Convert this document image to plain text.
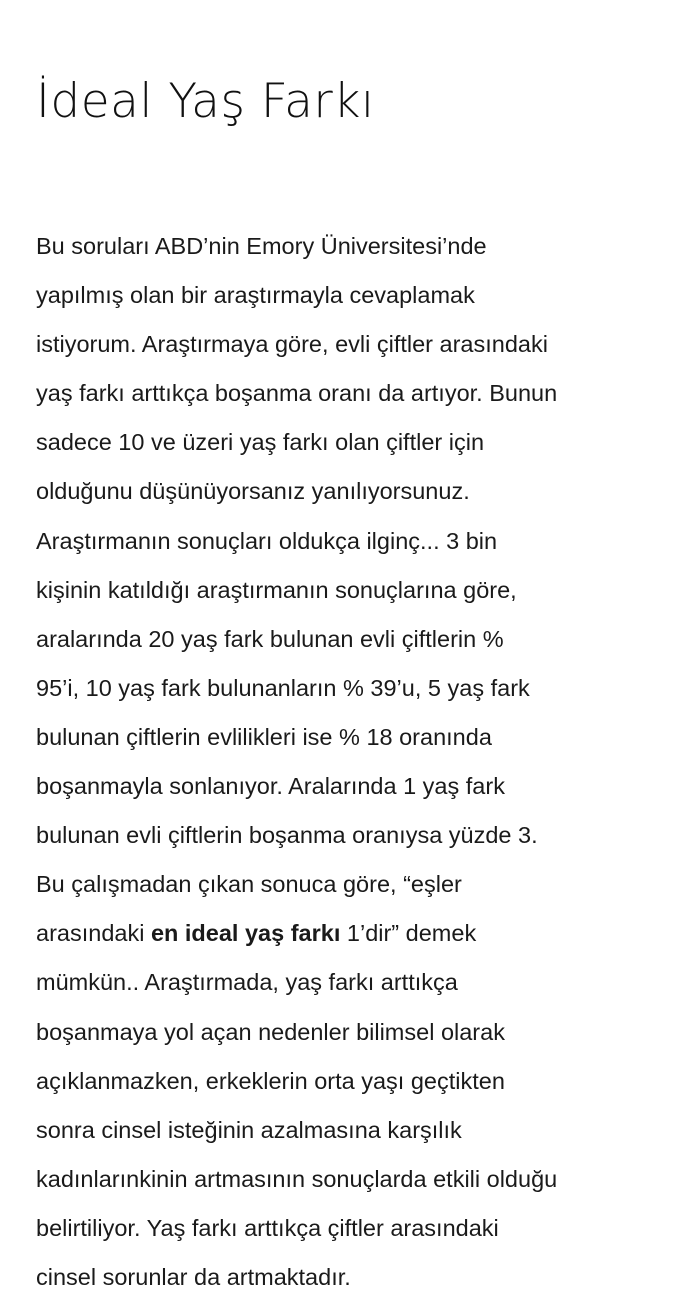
İdeal Yaş Farkı

Bu soruları ABD’nin Emory Üniversitesi’nde
yapılmış olan bir araştırmayla cevaplamak
istiyorum. Araştırmaya göre, evli çiftler arasındaki
yaş farkı arttıkça boşanma oranı da artıyor. Bunun
sadece 10 ve üzeri yaş farkı olan çiftler için
olduğunu düşünüyorsanız yanılıyorsunuz.
Araştırmanın sonuçları oldukça ilginç... 3 bin
kişinin katıldığı araştırmanın sonuçlarına göre,
aralarında 20 yaş fark bulunan evli çiftlerin %
95’i, 10 yaş fark bulunanların % 39’u, 5 yaş fark
bulunan çiftlerin evlilikleri ise % 18 oranında
boşanmayla sonlanıyor. Aralarında 1 yaş fark
bulunan evli çiftlerin boşanma oranıysa yüzde 3.
Bu çalışmadan çıkan sonuca göre, “eşler
arasındaki en ideal yaş farkı 1’dir” demek
mümkün.. Araştırmada, yaş farkı arttıkça
boşanmaya yol açan nedenler bilimsel olarak
açıklanmazken, erkeklerin orta yaşı geçtikten
sonra cinsel isteğinin azalmasına karşılık
kadınlarınkinin artmasının sonuçlarda etkili olduğu
belirtiliyor. Yaş farkı arttıkça çiftler arasındaki
cinsel sorunlar da artmaktadır.
